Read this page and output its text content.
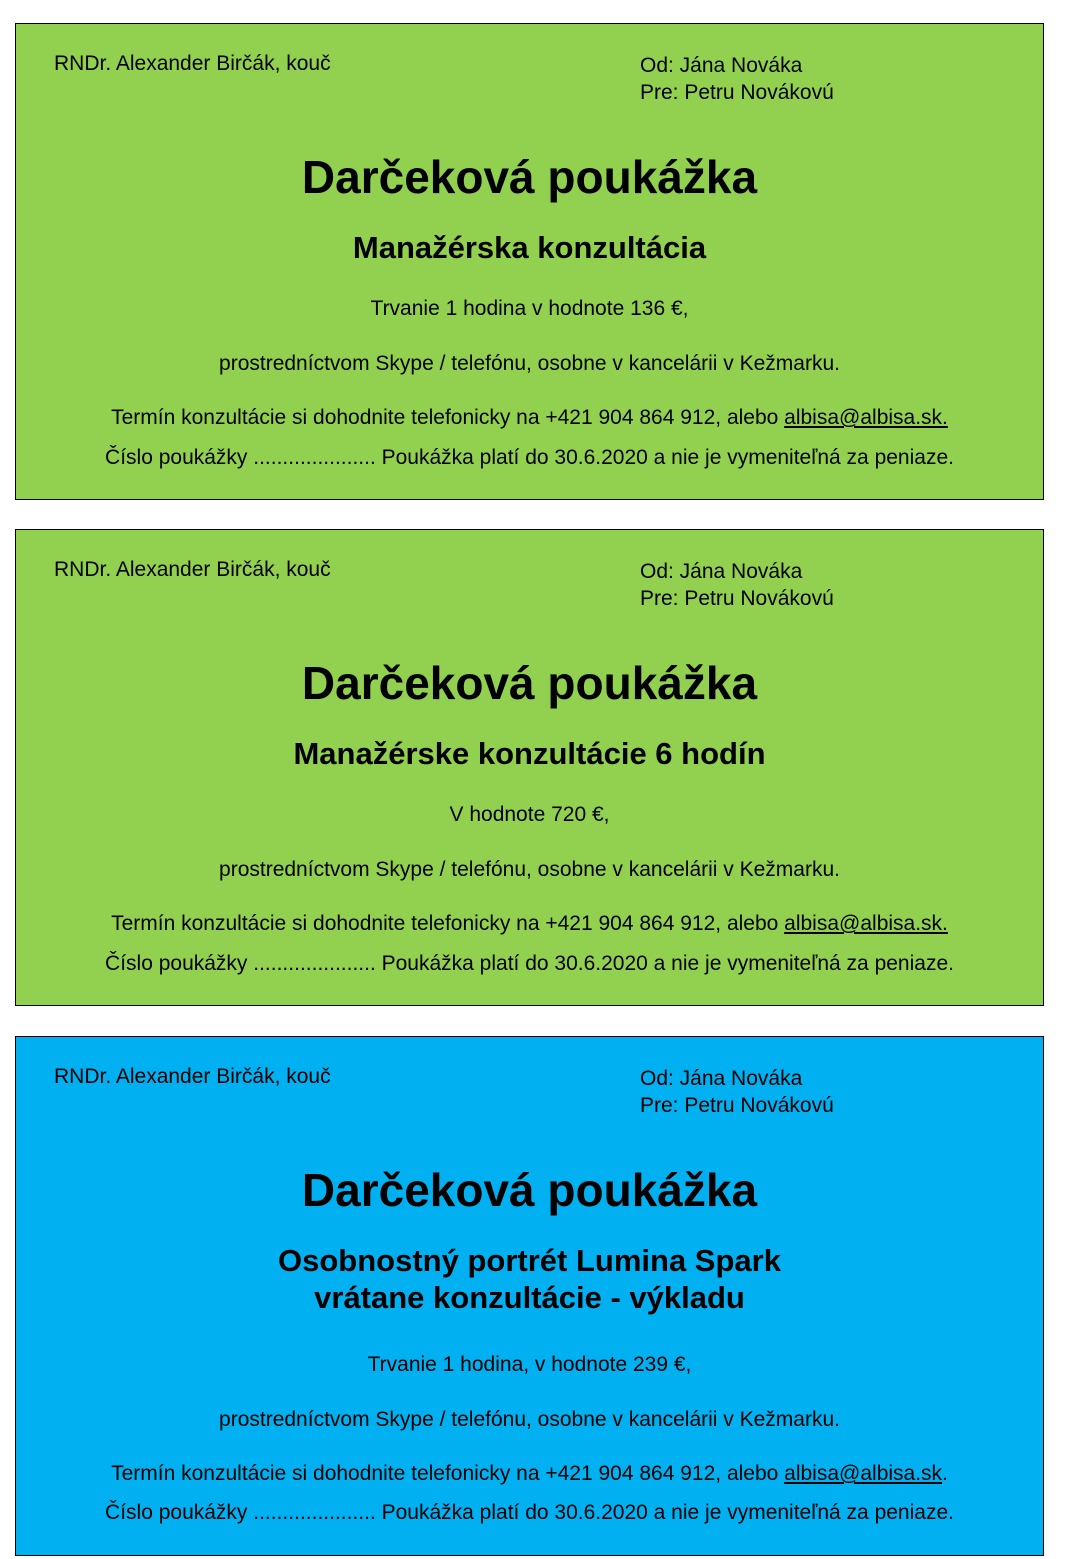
RNDr. Alexander Birčák, kouč	Od: Jána Nováka
Pre: Petru Novákovú
Darčeková poukážka
Manažérska konzultácia
Trvanie 1 hodina v hodnote 136 €,
prostredníctvom Skype / telefónu, osobne v kancelárii v Kežmarku.
Termín konzultácie si dohodnite telefonicky na +421 904 864 912, alebo albisa@albisa.sk.
Číslo poukážky ..................... Poukážka platí do 30.6.2020 a nie je vymeniteľná za peniaze.
RNDr. Alexander Birčák, kouč	Od: Jána Nováka
Pre: Petru Novákovú
Darčeková poukážka
Manažérske konzultácie 6 hodín
V hodnote 720 €,
prostredníctvom Skype / telefónu, osobne v kancelárii v Kežmarku.
Termín konzultácie si dohodnite telefonicky na +421 904 864 912, alebo albisa@albisa.sk.
Číslo poukážky ..................... Poukážka platí do 30.6.2020 a nie je vymeniteľná za peniaze.
RNDr. Alexander Birčák, kouč	Od: Jána Nováka
Pre: Petru Novákovú
Darčeková poukážka
Osobnostný portrét Lumina Spark
vrátane konzultácie - výkladu
Trvanie 1 hodina, v hodnote 239 €,
prostredníctvom Skype / telefónu, osobne v kancelárii v Kežmarku.
Termín konzultácie si dohodnite telefonicky na +421 904 864 912, alebo albisa@albisa.sk.
Číslo poukážky ..................... Poukážka platí do 30.6.2020 a nie je vymeniteľná za peniaze.
